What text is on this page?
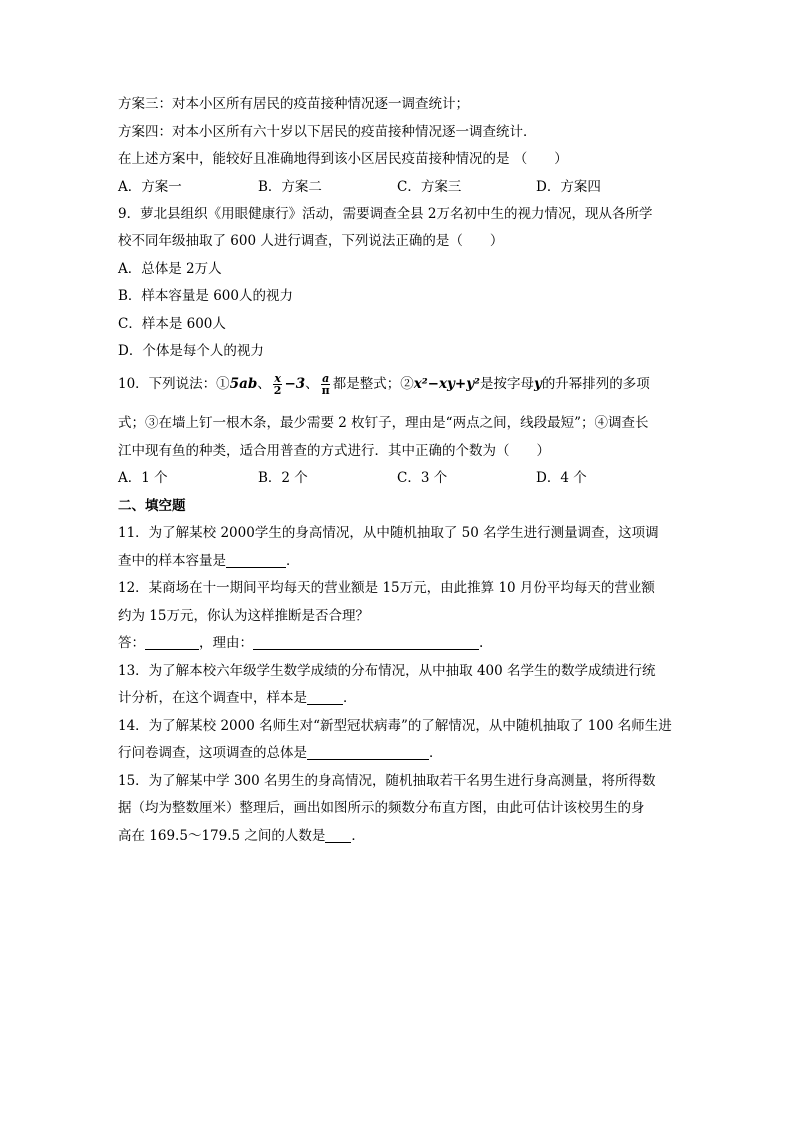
方案三：对本小区所有居民的疫苗接种情况逐一调查统计；
方案四：对本小区所有六十岁以下居民的疫苗接种情况逐一调查统计．
在上述方案中，能较好且准确地得到该小区居民疫苗接种情况的是 （　　）
A．方案一	B．方案二	C．方案三	D．方案四
9．萝北县组织《用眼健康行》活动，需要调查全县 2万名初中生的视力情况，现从各所学
校不同年级抽取了 600 人进行调查，下列说法正确的是（　　）
A．总体是 2万人
B．样本容量是 600人的视力
C．样本是 600人
D．个体是每个人的视力
10．下列说法：①5ab、 $\frac{x}{2} -3$、 $\frac{a}{\pi}$ 都是整式；②x²−xy+y²是按字母y的升幂排列的多项
式；③在墙上钉一根木条，最少需要 2 枚钉子，理由是“两点之间，线段最短”；④调查长
江中现有鱼的种类，适合用普查的方式进行．其中正确的个数为（　　）
A．1 个	B．2 个	C．3 个	D．4 个
二、填空题
11．为了解某校 2000学生的身高情况，从中随机抽取了 50 名学生进行测量调查，这项调
查中的样本容量是	．
12．某商场在十一期间平均每天的营业额是 15万元，由此推算 10 月份平均每天的营业额
约为 15万元，你认为这样推断是否合理？
答：	，理由：	.
13．为了解本校六年级学生数学成绩的分布情况，从中抽取 400 名学生的数学成绩进行统
计分析，在这个调查中，样本是	．
14．为了解某校 2000 名师生对“新型冠状病毒”的了解情况，从中随机抽取了 100 名师生进
行问卷调查，这项调查的总体是	．
15．为了解某中学 300 名男生的身高情况，随机抽取若干名男生进行身高测量，将所得数
据（均为整数厘米）整理后，画出如图所示的频数分布直方图，由此可估计该校男生的身
高在 169.5～179.5 之间的人数是 ．
